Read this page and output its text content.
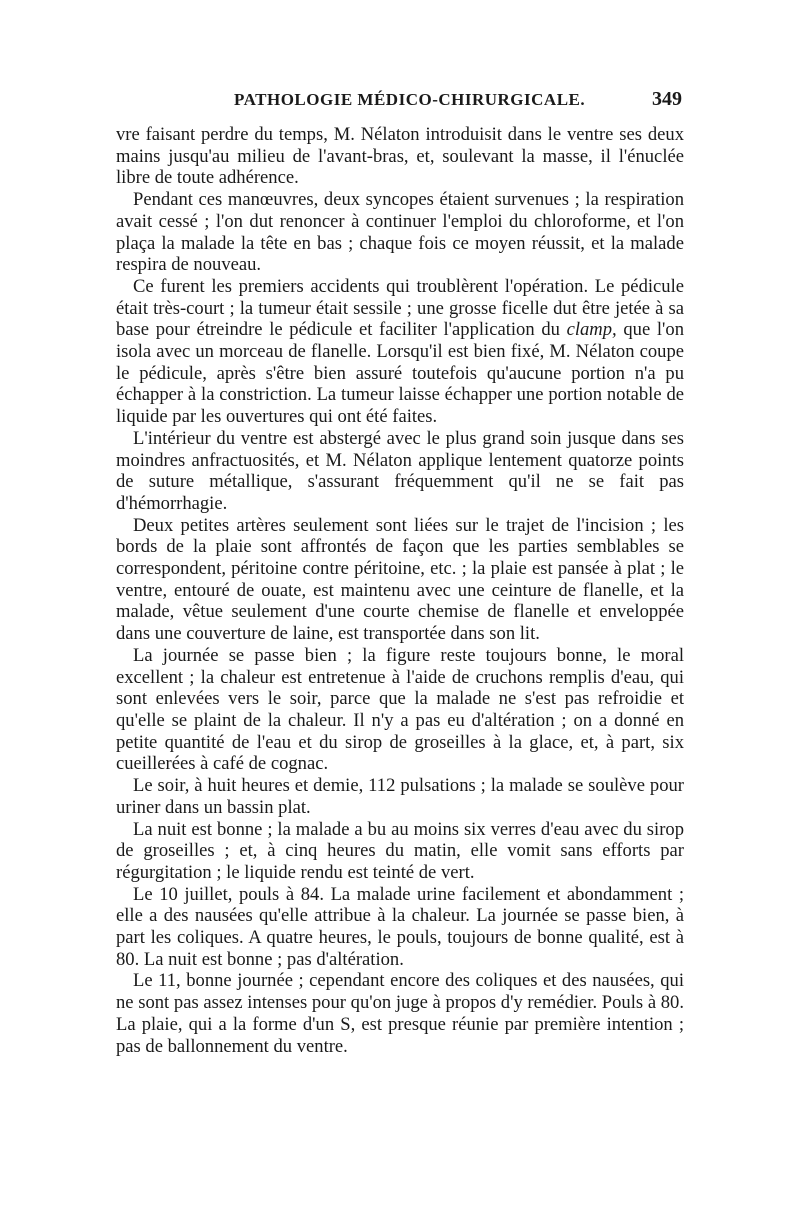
PATHOLOGIE MÉDICO-CHIRURGICALE.	349

vre faisant perdre du temps, M. Nélaton introduisit dans le ventre ses deux mains jusqu'au milieu de l'avant-bras, et, soulevant la masse, il l'énuclée libre de toute adhérence.

Pendant ces manœuvres, deux syncopes étaient survenues ; la respiration avait cessé ; l'on dut renoncer à continuer l'emploi du chloroforme, et l'on plaça la malade la tête en bas ; chaque fois ce moyen réussit, et la malade respira de nouveau.

Ce furent les premiers accidents qui troublèrent l'opération. Le pédicule était très-court ; la tumeur était sessile ; une grosse ficelle dut être jetée à sa base pour étreindre le pédicule et faciliter l'application du clamp, que l'on isola avec un morceau de flanelle. Lorsqu'il est bien fixé, M. Nélaton coupe le pédicule, après s'être bien assuré toutefois qu'aucune portion n'a pu échapper à la constriction. La tumeur laisse échapper une portion notable de liquide par les ouvertures qui ont été faites.

L'intérieur du ventre est abstergé avec le plus grand soin jusque dans ses moindres anfractuosités, et M. Nélaton applique lentement quatorze points de suture métallique, s'assurant fréquemment qu'il ne se fait pas d'hémorrhagie.

Deux petites artères seulement sont liées sur le trajet de l'incision ; les bords de la plaie sont affrontés de façon que les parties semblables se correspondent, péritoine contre péritoine, etc. ; la plaie est pansée à plat ; le ventre, entouré de ouate, est maintenu avec une ceinture de flanelle, et la malade, vêtue seulement d'une courte chemise de flanelle et enveloppée dans une couverture de laine, est transportée dans son lit.

La journée se passe bien ; la figure reste toujours bonne, le moral excellent ; la chaleur est entretenue à l'aide de cruchons remplis d'eau, qui sont enlevées vers le soir, parce que la malade ne s'est pas refroidie et qu'elle se plaint de la chaleur. Il n'y a pas eu d'altération ; on a donné en petite quantité de l'eau et du sirop de groseilles à la glace, et, à part, six cueillerées à café de cognac.

Le soir, à huit heures et demie, 112 pulsations ; la malade se soulève pour uriner dans un bassin plat.

La nuit est bonne ; la malade a bu au moins six verres d'eau avec du sirop de groseilles ; et, à cinq heures du matin, elle vomit sans efforts par régurgitation ; le liquide rendu est teinté de vert.

Le 10 juillet, pouls à 84. La malade urine facilement et abondamment ; elle a des nausées qu'elle attribue à la chaleur. La journée se passe bien, à part les coliques. A quatre heures, le pouls, toujours de bonne qualité, est à 80. La nuit est bonne ; pas d'altération.

Le 11, bonne journée ; cependant encore des coliques et des nausées, qui ne sont pas assez intenses pour qu'on juge à propos d'y remédier. Pouls à 80. La plaie, qui a la forme d'un S, est presque réunie par première intention ; pas de ballonnement du ventre.
